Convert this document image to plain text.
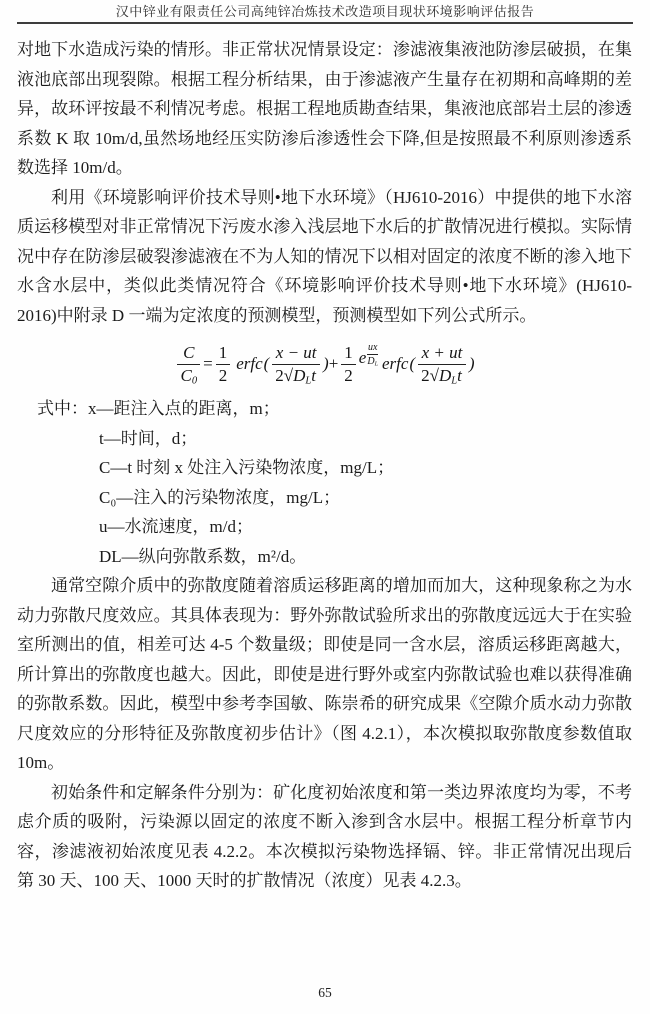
汉中锌业有限责任公司高纯锌冶炼技术改造项目现状环境影响评估报告

对地下水造成污染的情形。非正常状况情景设定：渗滤液集液池防渗层破损，在集液池底部出现裂隙。根据工程分析结果，由于渗滤液产生量存在初期和高峰期的差异，故环评按最不利情况考虑。根据工程地质勘查结果，集液池底部岩土层的渗透系数 K 取 10m/d,虽然场地经压实防渗后渗透性会下降,但是按照最不利原则渗透系数选择 10m/d。

利用《环境影响评价技术导则•地下水环境》（HJ610-2016）中提供的地下水溶质运移模型对非正常情况下污废水渗入浅层地下水后的扩散情况进行模拟。实际情况中存在防渗层破裂渗滤液在不为人知的情况下以相对固定的浓度不断的渗入地下水含水层中，类似此类情况符合《环境影响评价技术导则•地下水环境》(HJ610-2016)中附录 D 一端为定浓度的预测模型，预测模型如下列公式所示。

$\frac{C}{C_0} = \frac{1}{2}$ erfc ( $\frac{x - ut}{2√D_Lt}$ ) + $\frac{1}{2}$ e $\frac{ux}{D_L}$ erfc ( $\frac{x + ut}{2√D_Lt}$ )
式中：x—距注入点的距离，m；
t—时间，d；
C—t 时刻 x 处注入污染物浓度，mg/L；
C₀—注入的污染物浓度，mg/L；
u—水流速度，m/d；
DL—纵向弥散系数，m²/d。

通常空隙介质中的弥散度随着溶质运移距离的增加而加大，这种现象称之为水动力弥散尺度效应。其具体表现为：野外弥散试验所求出的弥散度远远大于在实验室所测出的值，相差可达 4-5 个数量级；即使是同一含水层，溶质运移距离越大，所计算出的弥散度也越大。因此，即使是进行野外或室内弥散试验也难以获得准确的弥散系数。因此，模型中参考李国敏、陈崇希的研究成果《空隙介质水动力弥散尺度效应的分形特征及弥散度初步估计》（图 4.2.1），本次模拟取弥散度参数值取 10m。

初始条件和定解条件分别为：矿化度初始浓度和第一类边界浓度均为零，不考虑介质的吸附，污染源以固定的浓度不断入渗到含水层中。根据工程分析章节内容，渗滤液初始浓度见表 4.2.2。本次模拟污染物选择镉、锌。非正常情况出现后第 30 天、100 天、1000 天时的扩散情况（浓度）见表 4.2.3。

65
